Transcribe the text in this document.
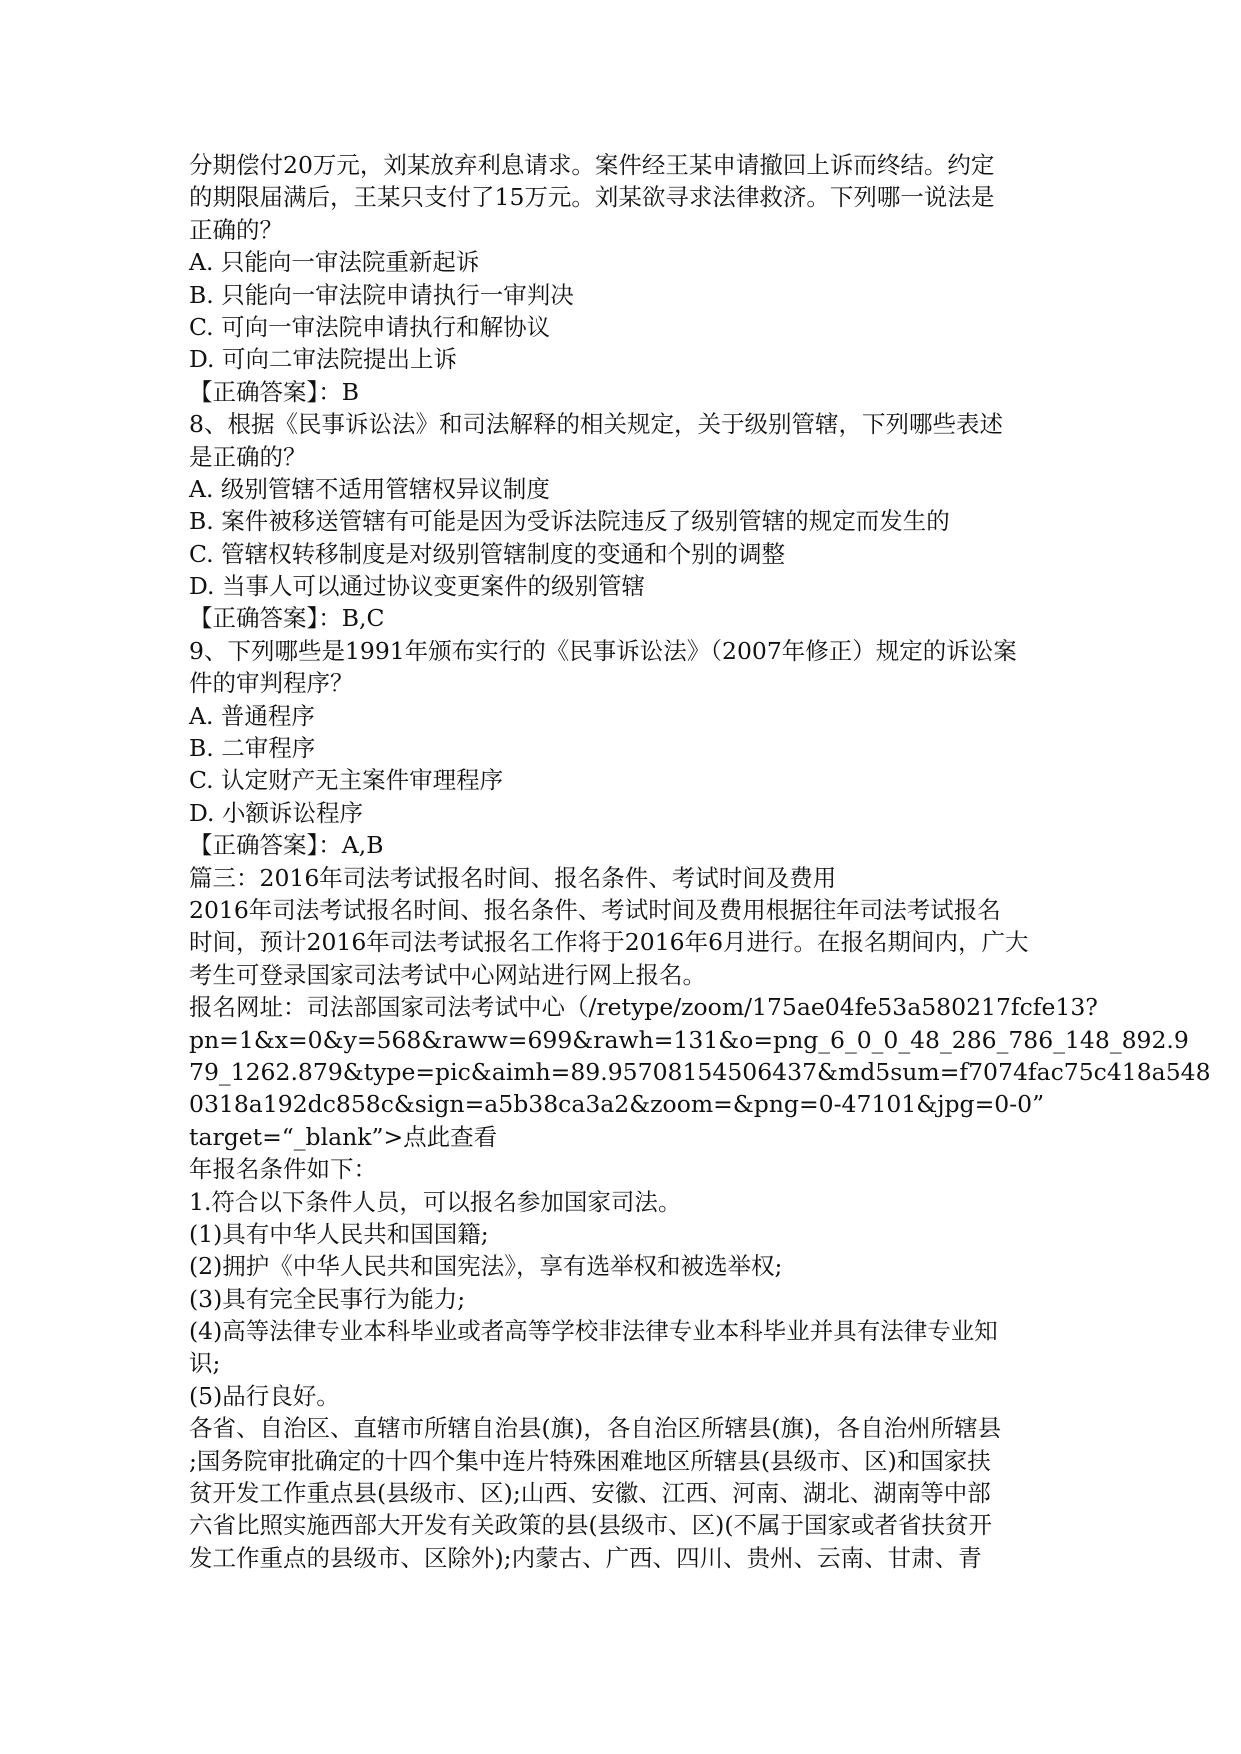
分期偿付20万元，刘某放弃利息请求。案件经王某申请撤回上诉而终结。约定
的期限届满后，王某只支付了15万元。刘某欲寻求法律救济。下列哪一说法是
正确的？
A. 只能向一审法院重新起诉
B. 只能向一审法院申请执行一审判决
C. 可向一审法院申请执行和解协议
D. 可向二审法院提出上诉
【正确答案】：B
8、根据《民事诉讼法》和司法解释的相关规定，关于级别管辖，下列哪些表述
是正确的？
A. 级别管辖不适用管辖权异议制度
B. 案件被移送管辖有可能是因为受诉法院违反了级别管辖的规定而发生的
C. 管辖权转移制度是对级别管辖制度的变通和个别的调整
D. 当事人可以通过协议变更案件的级别管辖
【正确答案】：B,C
9、下列哪些是1991年颁布实行的《民事诉讼法》（2007年修正）规定的诉讼案
件的审判程序？
A. 普通程序
B. 二审程序
C. 认定财产无主案件审理程序
D. 小额诉讼程序
【正确答案】：A,B
篇三：2016年司法考试报名时间、报名条件、考试时间及费用
2016年司法考试报名时间、报名条件、考试时间及费用根据往年司法考试报名
时间，预计2016年司法考试报名工作将于2016年6月进行。在报名期间内，广大
考生可登录国家司法考试中心网站进行网上报名。
报名网址：司法部国家司法考试中心（/retype/zoom/175ae04fe53a580217fcfe13?
pn=1&x=0&y=568&raww=699&rawh=131&o=png_6_0_0_48_286_786_148_892.9
79_1262.879&type=pic&aimh=89.95708154506437&md5sum=f7074fac75c418a548
0318a192dc858c&sign=a5b38ca3a2&zoom=&png=0-47101&jpg=0-0”
target=“_blank”>点此查看
年报名条件如下：
1.符合以下条件人员，可以报名参加国家司法。
(1)具有中华人民共和国国籍;
(2)拥护《中华人民共和国宪法》，享有选举权和被选举权;
(3)具有完全民事行为能力;
(4)高等法律专业本科毕业或者高等学校非法律专业本科毕业并具有法律专业知
识;
(5)品行良好。
各省、自治区、直辖市所辖自治县(旗)，各自治区所辖县(旗)，各自治州所辖县
;国务院审批确定的十四个集中连片特殊困难地区所辖县(县级市、区)和国家扶
贫开发工作重点县(县级市、区);山西、安徽、江西、河南、湖北、湖南等中部
六省比照实施西部大开发有关政策的县(县级市、区)(不属于国家或者省扶贫开
发工作重点的县级市、区除外);内蒙古、广西、四川、贵州、云南、甘肃、青
